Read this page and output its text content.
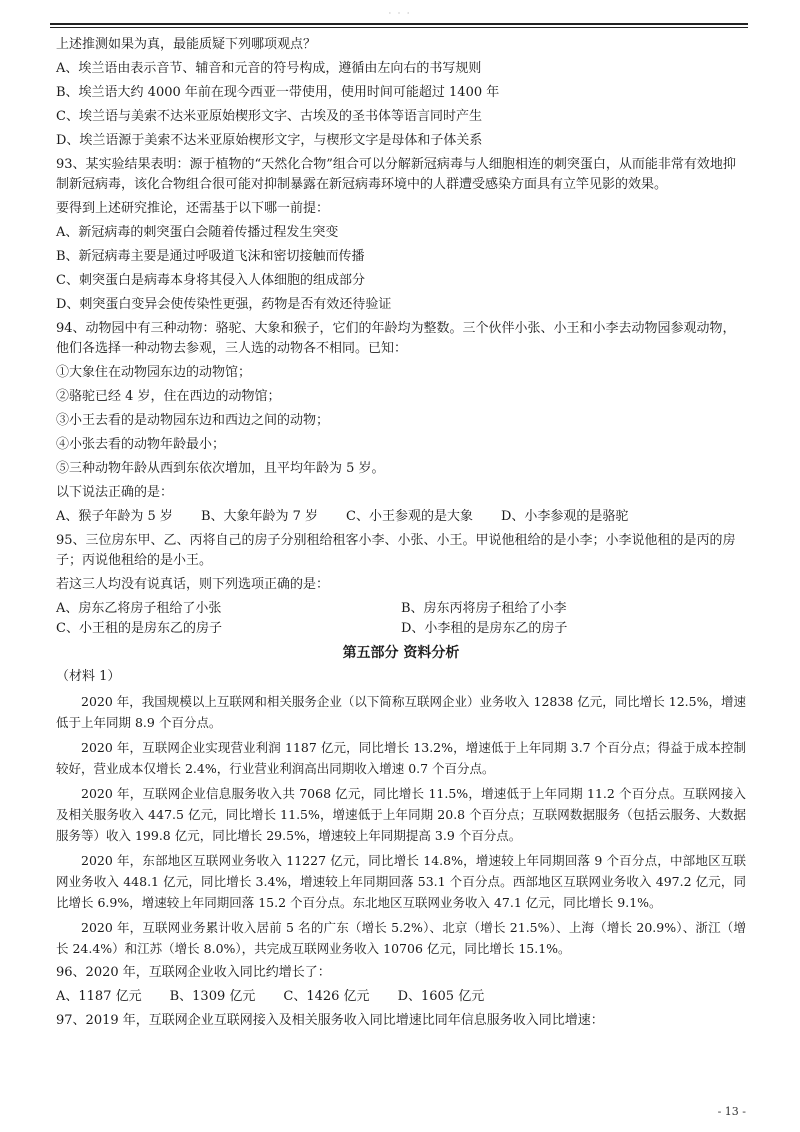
· · ·
上述推测如果为真，最能质疑下列哪项观点？
A、埃兰语由表示音节、辅音和元音的符号构成，遵循由左向右的书写规则
B、埃兰语大约 4000 年前在现今西亚一带使用，使用时间可能超过 1400 年
C、埃兰语与美索不达米亚原始楔形文字、古埃及的圣书体等语言同时产生
D、埃兰语源于美索不达米亚原始楔形文字，与楔形文字是母体和子体关系
93、某实验结果表明：源于植物的“天然化合物”组合可以分解新冠病毒与人细胞相连的刺突蛋白，从而能非常有效地抑制新冠病毒，该化合物组合很可能对抑制暴露在新冠病毒环境中的人群遭受感染方面具有立竿见影的效果。
要得到上述研究推论，还需基于以下哪一前提：
A、新冠病毒的刺突蛋白会随着传播过程发生突变
B、新冠病毒主要是通过呼吸道飞沫和密切接触而传播
C、刺突蛋白是病毒本身将其侵入人体细胞的组成部分
D、刺突蛋白变异会使传染性更强，药物是否有效还待验证
94、动物园中有三种动物：骆驼、大象和猴子，它们的年龄均为整数。三个伙伴小张、小王和小李去动物园参观动物，他们各选择一种动物去参观，三人选的动物各不相同。已知：
①大象住在动物园东边的动物馆；
②骆驼已经 4 岁，住在西边的动物馆；
③小王去看的是动物园东边和西边之间的动物；
④小张去看的动物年龄最小；
⑤三种动物年龄从西到东依次增加，且平均年龄为 5 岁。
以下说法正确的是：
A、猴子年龄为 5 岁 B、大象年龄为 7 岁 C、小王参观的是大象 D、小李参观的是骆驼
95、三位房东甲、乙、丙将自己的房子分别租给租客小李、小张、小王。甲说他租给的是小李；小李说他租的是丙的房子；丙说他租给的是小王。
若这三人均没有说真话，则下列选项正确的是：
A、房东乙将房子租给了小张	B、房东丙将房子租给了小李
C、小王租的是房东乙的房子	D、小李租的是房东乙的房子
第五部分 资料分析
（材料 1）

2020 年，我国规模以上互联网和相关服务企业（以下简称互联网企业）业务收入 12838 亿元，同比增长 12.5%，增速低于上年同期 8.9 个百分点。

2020 年，互联网企业实现营业利润 1187 亿元，同比增长 13.2%，增速低于上年同期 3.7 个百分点；得益于成本控制较好，营业成本仅增长 2.4%，行业营业利润高出同期收入增速 0.7 个百分点。

2020 年，互联网企业信息服务收入共 7068 亿元，同比增长 11.5%，增速低于上年同期 11.2 个百分点。互联网接入及相关服务收入 447.5 亿元，同比增长 11.5%，增速低于上年同期 20.8 个百分点；互联网数据服务（包括云服务、大数据服务等）收入 199.8 亿元，同比增长 29.5%，增速较上年同期提高 3.9 个百分点。

2020 年，东部地区互联网业务收入 11227 亿元，同比增长 14.8%，增速较上年同期回落 9 个百分点，中部地区互联网业务收入 448.1 亿元，同比增长 3.4%，增速较上年同期回落 53.1 个百分点。西部地区互联网业务收入 497.2 亿元，同比增长 6.9%，增速较上年同期回落 15.2 个百分点。东北地区互联网业务收入 47.1 亿元，同比增长 9.1%。

2020 年，互联网业务累计收入居前 5 名的广东（增长 5.2%）、北京（增长 21.5%）、上海（增长 20.9%）、浙江（增长 24.4%）和江苏（增长 8.0%），共完成互联网业务收入 10706 亿元，同比增长 15.1%。

96、2020 年，互联网企业收入同比约增长了：
A、1187 亿元 B、1309 亿元 C、1426 亿元 D、1605 亿元
97、2019 年，互联网企业互联网接入及相关服务收入同比增速比同年信息服务收入同比增速：
- 13 -
